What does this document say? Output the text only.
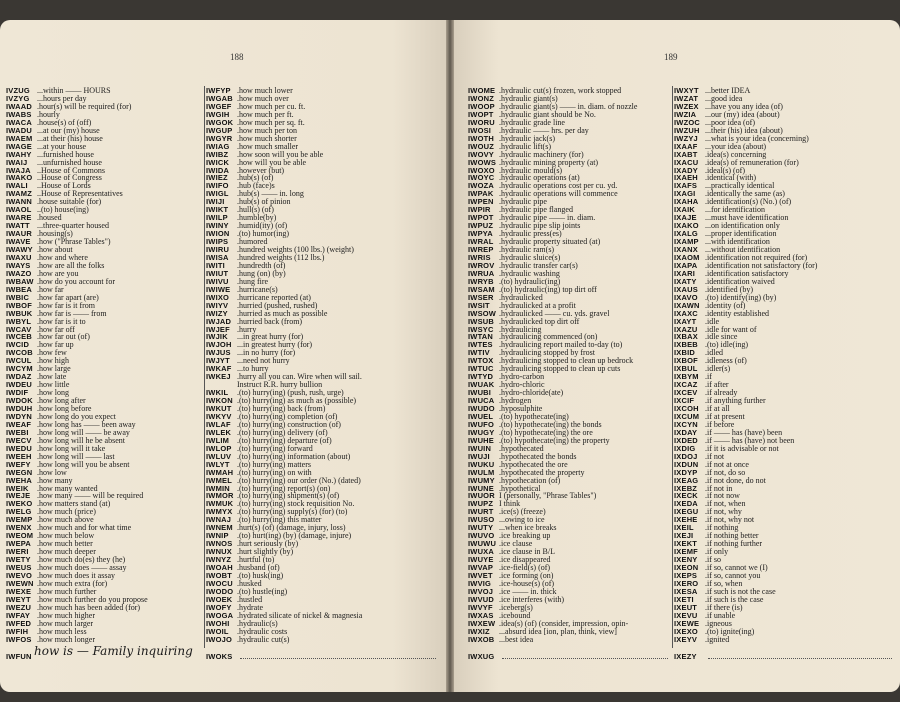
188
IVZUG ...within —— HOURS
IVZYG ...hours per day
IWAAD .hour(s) will be required (for)
IWABS .hourly
IWACA .house(s) of (off)
IWADU ...at our (my) house
IWAEM ...at their (his) house
IWAGE ...at your house
IWAHY ...furnished house
IWAIJ ...unfurnished house
IWAJA ..House of Commons
IWAKO ..House of Congress
IWALI ..House of Lords
IWAMZ ..House of Representatives
IWANN .house suitable (for)
IWAOL ..(to) house(ing)
IWARE .housed
IWATT ...three-quarter housed
IWAUR .housing(s)
IWAVE .how ("Phrase Tables")
IWAWY .how about
IWAXU .how and where
IWAYS .how are all the folks
IWAZO .how are you
IWBAW .how do you account for
IWBEA .how far
IWBIC .how far apart (are)
IWBOF .how far is it from
IWBUK .how far is —— from
IWBYL .how far is it to
IWCAV .how far off
IWCEB .how far out (of)
IWCID .how far up
IWCOB .how few
IWCUL .how high
IWCYM .how large
IWDAZ .how late
IWDEU .how little
IWDIF .how long
IWDOK .how long after
IWDUH .how long before
IWDYN .how long do you expect
IWEAF .how long has —— been away
IWEBI .how long will —— be away
IWECV .how long will he be absent
IWEDU .how long will it take
IWEEH .how long will —— last
IWEFY .how long will you be absent
IWEGN .how low
IWEHA .how many
IWEIK .how many wanted
IWEJE .how many —— will be required
IWEKO .how matters stand (at)
IWELG .how much (price)
IWEMP .how much above
IWENX .how much and for what time
IWEOM .how much below
IWEPA .how much better
IWERI .how much deeper
IWETY .how much do(es) they (he)
IWEUS .how much does —— assay
IWEVO .how much does it assay
IWEWN .how much extra (for)
IWEXE .how much further
IWEYT .how much further do you propose
IWEZU .how much has been added (for)
IWFAY .how much higher
IWFED .how much larger
IWFIH .how much less
IWFOS .how much longer
IWFYP .how much lower
IWGAB .how much over
IWGEF .how much per cu. ft.
IWGIH .how much per ft.
IWGOK .how much per sq. ft.
IWGUP .how much per ton
IWGYR .how much shorter
IWIAG .how much smaller
IWIBZ .how soon will you be able
IWICK .how will you be able
IWIDA .however (but)
IWIEZ .hub(s) (of)
IWIFO .hub (face)s
IWIGL .hub(s) —— in. long
IWIJI .hub(s) of pinion
IWIKT .hull(s) (of)
IWILP .humble(by)
IWINY .humid(ity) (of)
IWION .(to) humor(ing)
IWIPS .humored
IWIRU .hundred weights (100 lbs.) (weight)
IWISA .hundred weights (112 lbs.)
IWITI .hundredth (of)
IWIUT .hung (on) (by)
IWIVU .hung fire
IWIWE .hurricane(s)
IWIXO .hurricane reported (at)
IWIYV .hurried (pushed, rushed)
IWIZY .hurried as much as possible
IWJAD .hurried back (from)
IWJEF .hurry
IWJIK ...in great hurry (for)
IWJOH ...in greatest hurry (for)
IWJUS ...in no hurry (for)
IWJYT ...need not hurry
IWKAF ...to hurry
IWKEJ .hurry all you can. Wire when will sail.
Instruct R.R. hurry bullion
IWKIL .(to) hurry(ing) (push, rush, urge)
IWKON .(to) hurry(ing) as much as (possible)
IWKUT .(to) hurry(ing) back (from)
IWKYV .(to) hurry(ing) completion (of)
IWLAF .(to) hurry(ing) construction (of)
IWLEK .(to) hurry(ing) delivery (of)
IWLIM .(to) hurry(ing) departure (of)
IWLOP .(to) hurry(ing) forward
IWLUV .(to) hurry(ing) information (about)
IWLYT .(to) hurry(ing) matters
IWMAH .(to) hurry(ing) on with
IWMEL .(to) hurry(ing) our order (No.) (dated)
IWMIN .(to) hurry(ing) report(s) (on)
IWMOR .(to) hurry(ing) shipment(s) (of)
IWMUK .(to) hurry(ing) stock requisition No.
IWMYX .(to) hurry(ing) supply(s) (for) (to)
IWNAJ .(to) hurry(ing) this matter
IWNEM .hurt(s) (of) (damage, injury, loss)
IWNIP .(to) hurt(ing) (by) (damage, injure)
IWNOS .hurt seriously (by)
IWNUX .hurt slightly (by)
IWNYZ .hurtful (to)
IWOAH .husband (of)
IWOBT .(to) husk(ing)
IWOCU .husked
IWODO .(to) hustle(ing)
IWOEK .hustled
IWOFY .hydrate
IWOGA .hydrated silicate of nickel & magnesia
IWOHI .hydraulic(s)
IWOIL .hydraulic costs
IWOJO .hydraulic cut(s)
IWFUN how is — Family inquiring IWOKS
189
IWOME .hydraulic cut(s) frozen, work stopped
IWONZ .hydraulic giant(s)
IWOOP .hydraulic giant(s) —— in. diam. of nozzle
IWOPT .hydraulic giant should be No.
IWORU .hydraulic grade line
IWOSI .hydraulic —— hrs. per day
IWOTH .hydraulic jack(s)
IWOUZ .hydraulic lift(s)
IWOVY .hydraulic machinery (for)
IWOWS .hydraulic mining property (at)
IWOXO .hydraulic mould(s)
IWOYC .hydraulic operations (at)
IWOZA .hydraulic operations cost per cu. yd.
IWPAK .hydraulic operations will commence
IWPEN .hydraulic pipe
IWPIR .hydraulic pipe flanged
IWPOT .hydraulic pipe —— in. diam.
IWPUZ .hydraulic pipe slip joints
IWPYA .hydraulic press(es)
IWRAL .hydraulic property situated (at)
IWREP .hydraulic ram(s)
IWRIS .hydraulic sluice(s)
IWROV .hydraulic transfer car(s)
IWRUA .hydraulic washing
IWRYB .(to) hydraulic(ing)
IWSAM .(to) hydraulic(ing) top dirt off
IWSER .hydraulicked
IWSIT .hydraulicked at a profit
IWSOW .hydraulicked —— cu. yds. gravel
IWSUB .hydraulicked top dirt off
IWSYC .hydraulicing
IWTAN .hydraulicing commenced (on)
IWTES .hydraulicing report mailed to-day (to)
IWTIV .hydraulicing stopped by frost
IWTOX .hydraulicing stopped to clean up bedrock
IWTUC .hydraulicing stopped to clean up cuts
IWTYD .hydro-carbon
IWUAK .hydro-chloric
IWUBI .hydro-chloride(ate)
IWUCA .hydrogen
IWUDO .hyposulphite
IWUEL .(to) hypothecate(ing)
IWUFO .(to) hypothecate(ing) the bonds
IWUGY .(to) hypothecate(ing) the ore
IWUHE .(to) hypothecate(ing) the property
IWUIN .hypothecated
IWUJI .hypothecated the bonds
IWUKU .hypothecated the ore
IWULM .hypothecated the property
IWUMY .hypothecation (of)
IWUNE .hypothetical
IWUOR I (personally, "Phrase Tables")
IWUPZ I think
IWURT .ice(s) (freeze)
IWUSO ...owing to ice
IWUTY ...when ice breaks
IWUVO .ice breaking up
IWUWU .ice clause
IWUXA .ice clause in B/L
IWUYE .ice disappeared
IWVAP .ice-field(s) (of)
IWVET .ice forming (on)
IWVIG .ice-house(s) (of)
IWVOJ .ice —— in. thick
IWVUD .ice interferes (with)
IWVYF .iceberg(s)
IWXAS .icebound
IWXEW .idea(s) (of) (consider, impression, opin-
IWXIZ ...absurd idea [ion, plan, think, view]
IWXOB ...best idea
IWXYT ...better IDEA
IWZAT ...good idea
IWZEX ...have you any idea (of)
IWZIA ...our (my) idea (about)
IWZOC ...poor idea (of)
IWZUH ...their (his) idea (about)
IWZYJ ...what is your idea (concerning)
IXAAF ...your idea (about)
IXABT .idea(s) concerning
IXACU .idea(s) of remuneration (for)
IXADY .ideal(s) (of)
IXAEH .identical (with)
IXAFS ...practically identical
IXAGI .identically the same (as)
IXAHA .identification(s) (No.) (of)
IXAIK ...for identification
IXAJE ...must have identification
IXAKO ...on identification only
IXALG ...proper identification
IXAMP ...with identification
IXANX ...without identification
IXAOM .identification not required (for)
IXAPA .identification not satisfactory (for)
IXARI .identification satisfactory
IXATY .identification waived
IXAUS .identified (by)
IXAVO .(to) identify(ing) (by)
IXAWN .identity (of)
IXAXC .identity established
IXAYT .idle
IXAZU .idle for want of
IXBAX .idle since
IXBEB .(to) idle(ing)
IXBID .idled
IXBOF .idleness (of)
IXBUL .idler(s)
IXBYM .if
IXCAZ .if after
IXCEV .if already
IXCIF .if anything further
IXCOH .if at all
IXCUM .if at present
IXCYN .if before
IXDAY .if —— has (have) been
IXDED .if —— has (have) not been
IXDIG .if it is advisable or not
IXDOJ .if not
IXDUN .if not at once
IXDYP .if not, do so
IXEAG .if not done, do not
IXEBZ .if not in
IXECK .if not now
IXEDA .if not, when
IXEGU .if not, why
IXEHE .if not, why not
IXEIL .if nothing
IXEJI .if nothing better
IXEKT .if nothing further
IXEMF .if only
IXENY .if so
IXEON .if so, cannot we (I)
IXEPS .if so, cannot you
IXERO .if so, when
IXESA .if such is not the case
IXETI .if such is the case
IXEUT .if there (is)
IXEVU .if unable
IXEWE .igneous
IXEXO .(to) ignite(ing)
IXEYV .ignited
IWXUG	IXEZY
